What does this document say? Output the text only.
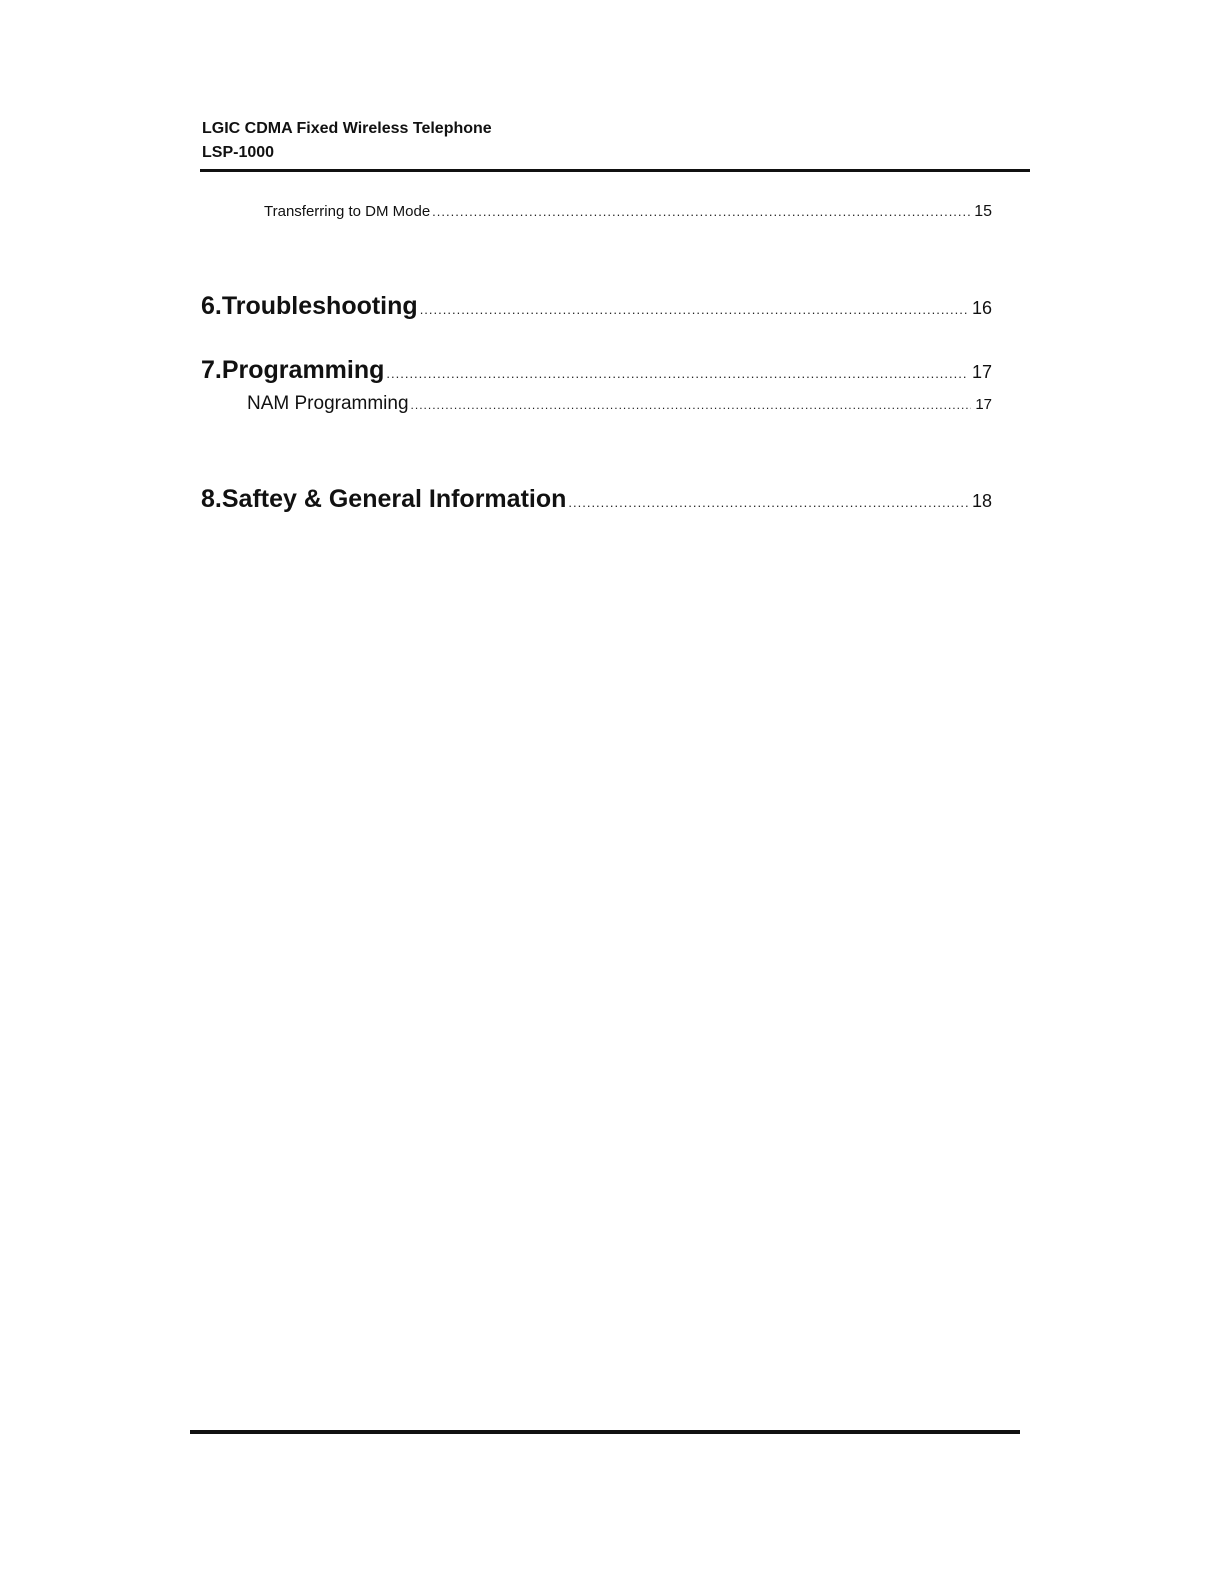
LGIC CDMA Fixed Wireless Telephone
LSP-1000
Transferring to DM Mode .....	15
6. Troubleshooting .....	16
7. Programming .....	17
NAM Programming .....	17
8. Saftey & General Information .....	18
